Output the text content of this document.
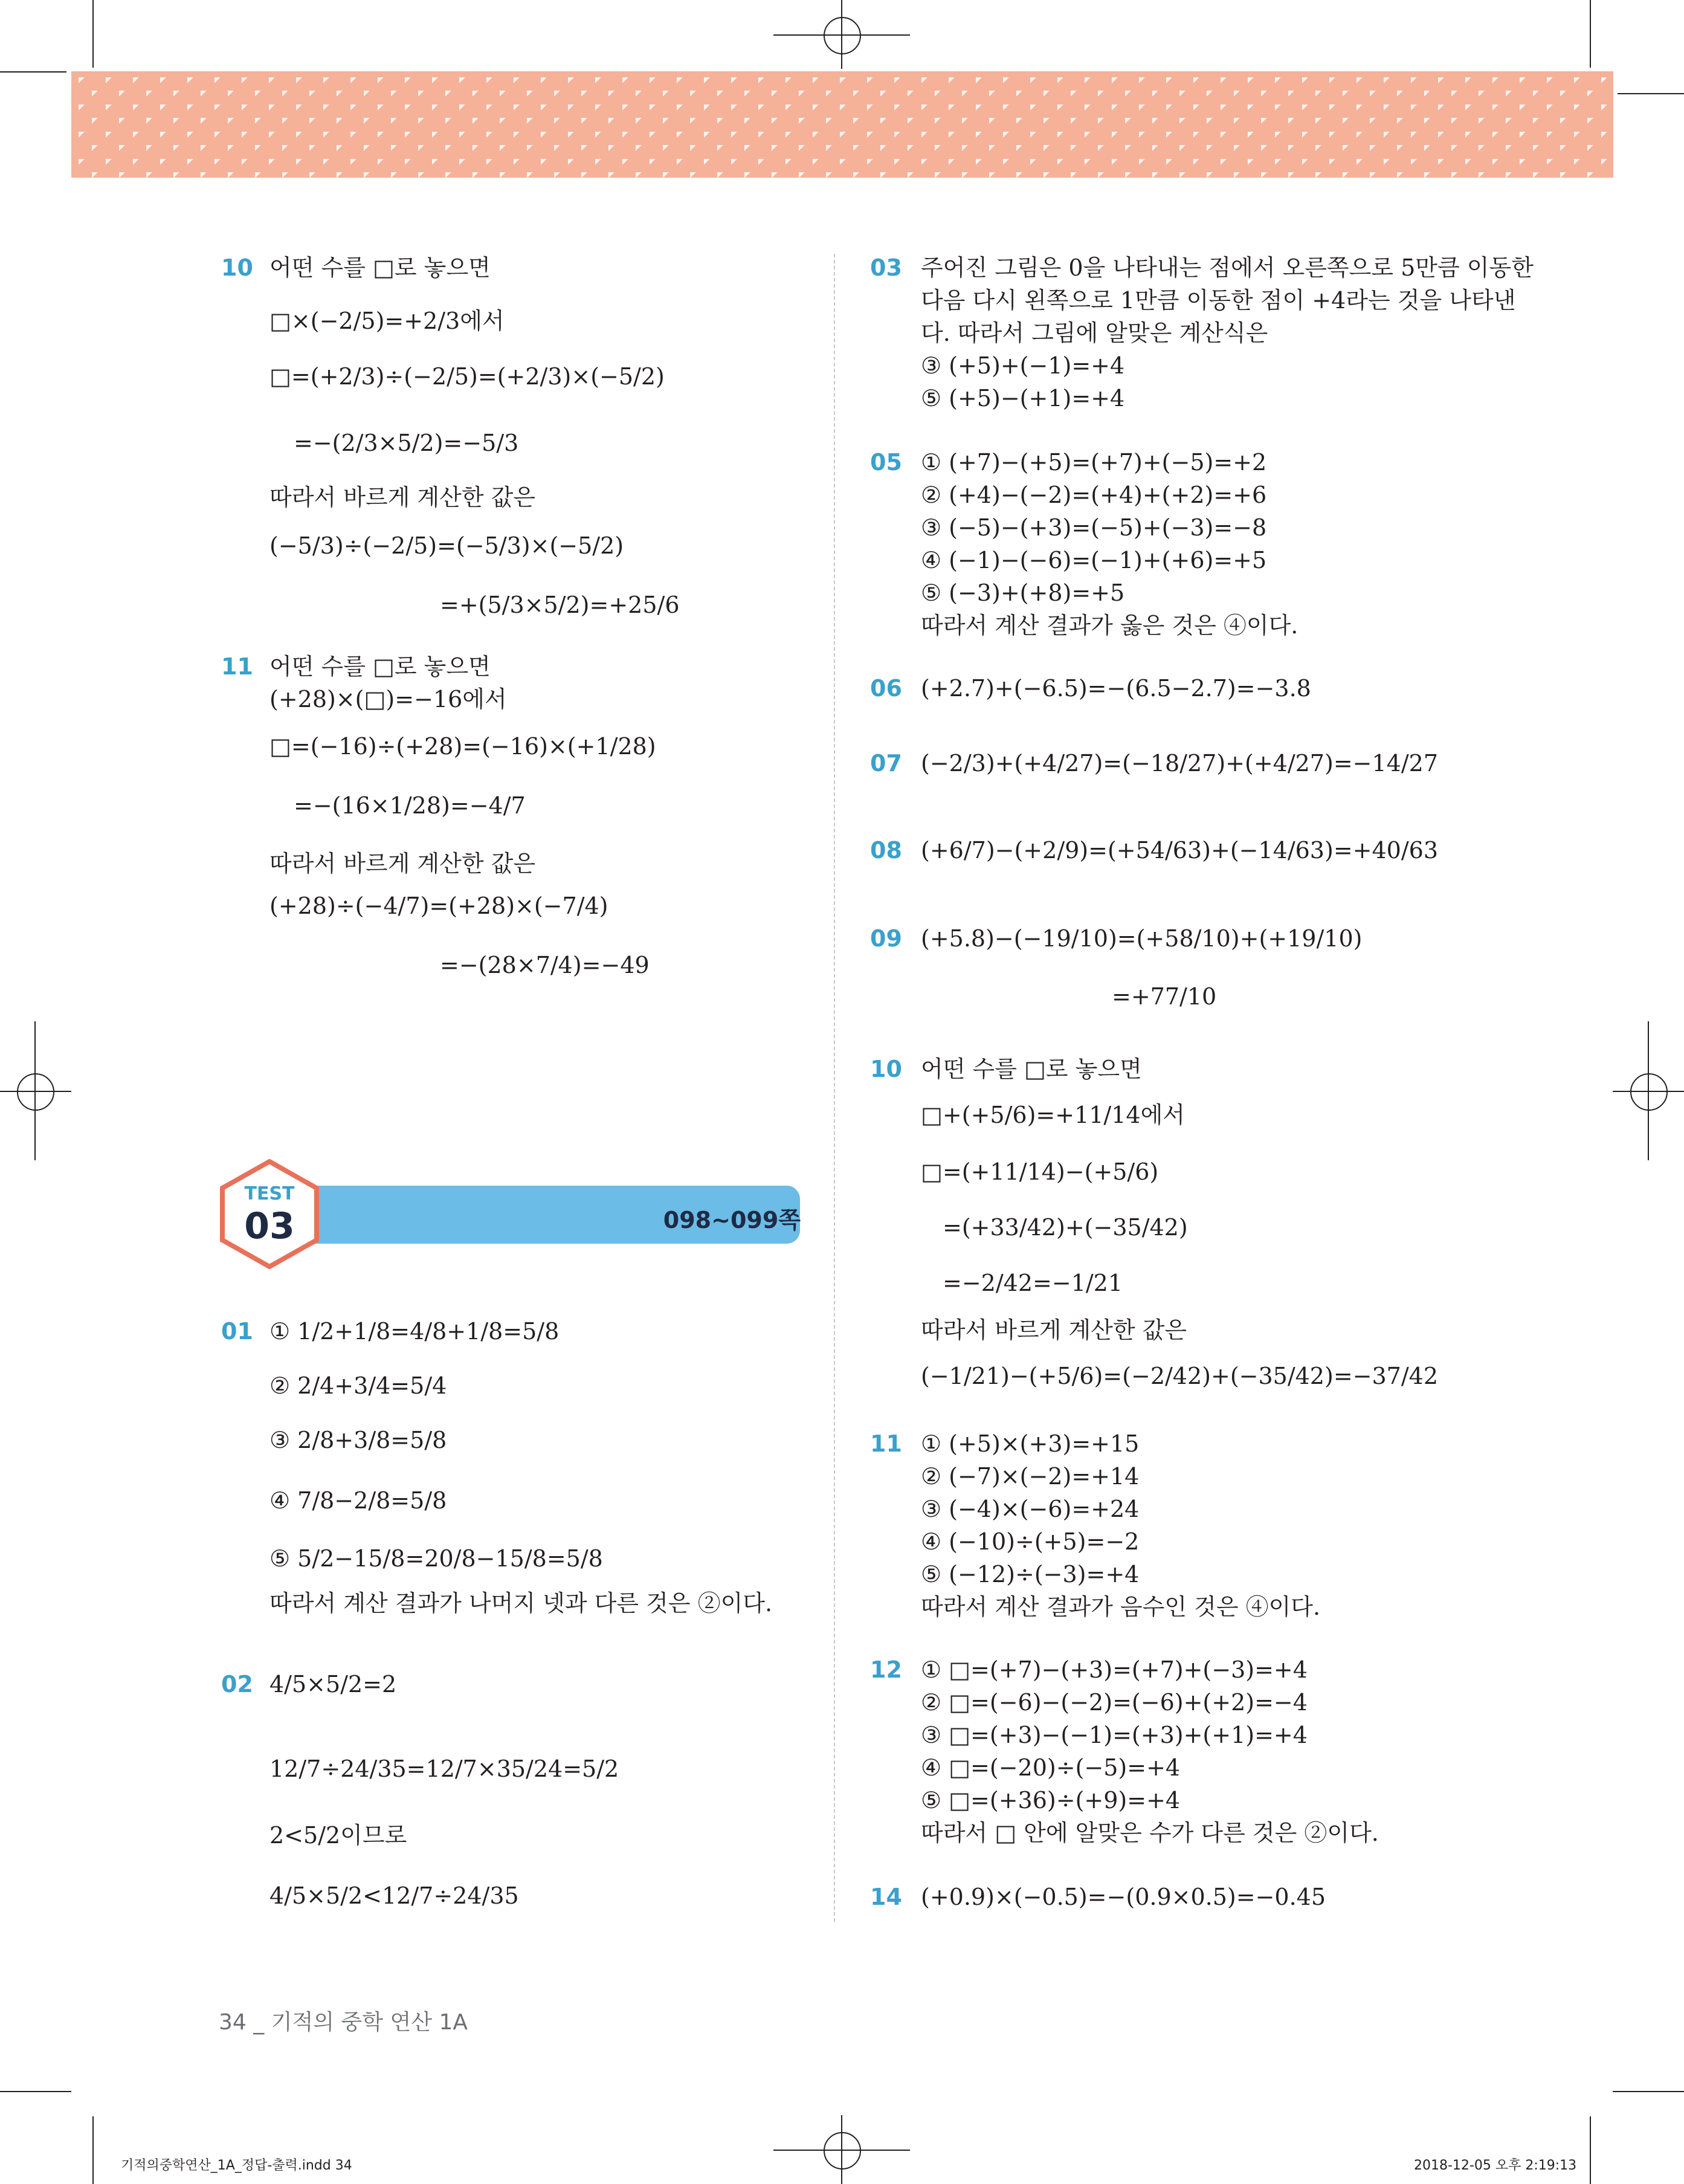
10 어떤 수를 □로 놓으면
□×(−2/5)=+2/3에서
□=(+2/3)÷(−2/5)=(+2/3)×(−5/2)
=−(2/3×5/2)=−5/3
따라서 바르게 계산한 값은
(−5/3)÷(−2/5)=(−5/3)×(−5/2)
=+(5/3×5/2)=+25/6
11 어떤 수를 □로 놓으면
(+28)×(□)=−16에서
□=(−16)÷(+28)=(−16)×(+1/28)
=−(16×1/28)=−4/7
따라서 바르게 계산한 값은
(+28)÷(−4/7)=(+28)×(−7/4)
=−(28×7/4)=−49
TEST
03	098~099쪽
01 ① 1/2+1/8=4/8+1/8=5/8
② 2/4+3/4=5/4
③ 2/8+3/8=5/8
④ 7/8−2/8=5/8
⑤ 5/2−15/8=20/8−15/8=5/8
따라서 계산 결과가 나머지 넷과 다른 것은 ②이다.
02 4/5×5/2=2
12/7÷24/35=12/7×35/24=5/2
2<5/2이므로
4/5×5/2<12/7÷24/35
03 주어진 그림은 0을 나타내는 점에서 오른쪽으로 5만큼 이동한
다음 다시 왼쪽으로 1만큼 이동한 점이 +4라는 것을 나타낸
다. 따라서 그림에 알맞은 계산식은
③ (+5)+(−1)=+4
⑤ (+5)−(+1)=+4
05 ① (+7)−(+5)=(+7)+(−5)=+2
② (+4)−(−2)=(+4)+(+2)=+6
③ (−5)−(+3)=(−5)+(−3)=−8
④ (−1)−(−6)=(−1)+(+6)=+5
⑤ (−3)+(+8)=+5
따라서 계산 결과가 옳은 것은 ④이다.
06 (+2.7)+(−6.5)=−(6.5−2.7)=−3.8
07 (−2/3)+(+4/27)=(−18/27)+(+4/27)=−14/27
08 (+6/7)−(+2/9)=(+54/63)+(−14/63)=+40/63
09 (+5.8)−(−19/10)=(+58/10)+(+19/10)
=+77/10
10 어떤 수를 □로 놓으면
□+(+5/6)=+11/14에서
□=(+11/14)−(+5/6)
=(+33/42)+(−35/42)
=−2/42=−1/21
따라서 바르게 계산한 값은
(−1/21)−(+5/6)=(−2/42)+(−35/42)=−37/42
11 ① (+5)×(+3)=+15
② (−7)×(−2)=+14
③ (−4)×(−6)=+24
④ (−10)÷(+5)=−2
⑤ (−12)÷(−3)=+4
따라서 계산 결과가 음수인 것은 ④이다.
12 ① □=(+7)−(+3)=(+7)+(−3)=+4
② □=(−6)−(−2)=(−6)+(+2)=−4
③ □=(+3)−(−1)=(+3)+(+1)=+4
④ □=(−20)÷(−5)=+4
⑤ □=(+36)÷(+9)=+4
따라서 □ 안에 알맞은 수가 다른 것은 ②이다.
14 (+0.9)×(−0.5)=−(0.9×0.5)=−0.45
34 _ 기적의 중학 연산 1A
기적의중학연산_1A_정답-출력.indd 34	2018-12-05 오후 2:19:13
